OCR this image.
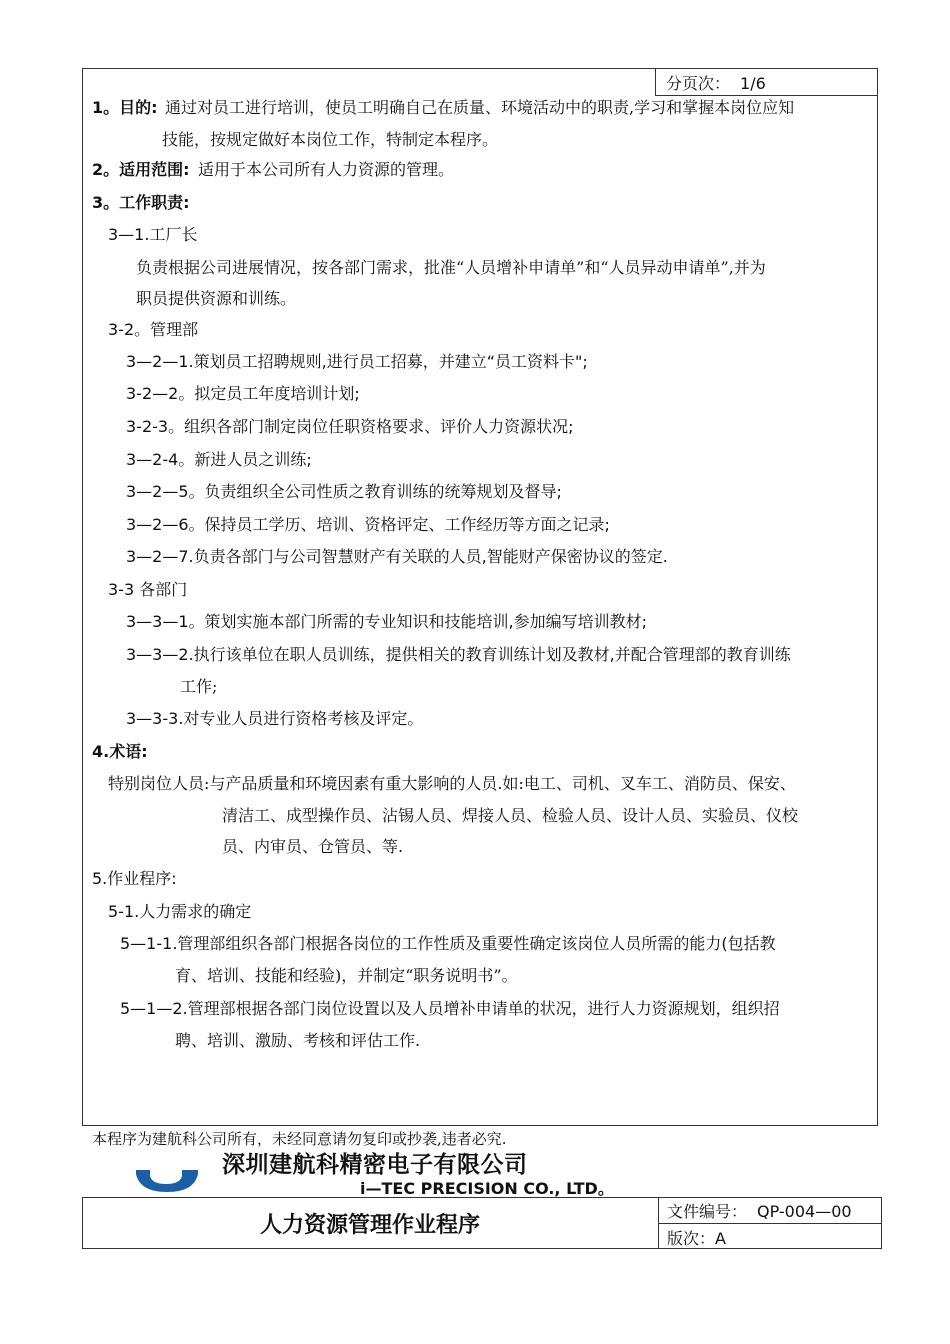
分页次： 1/6
1。目的: 通过对员工进行培训，使员工明确自己在质量、环境活动中的职责,学习和掌握本岗位应知
技能，按规定做好本岗位工作，特制定本程序。
2。适用范围: 适用于本公司所有人力资源的管理。
3。工作职责:
3—1.工厂长
负责根据公司进展情况，按各部门需求，批准“人员增补申请单”和“人员异动申请单”,并为
职员提供资源和训练。
3-2。管理部
3—2—1.策划员工招聘规则,进行员工招募，并建立“员工资料卡";
3-2—2。拟定员工年度培训计划;
3-2-3。组织各部门制定岗位任职资格要求、评价人力资源状况;
3—2-4。新进人员之训练;
3—2—5。负责组织全公司性质之教育训练的统筹规划及督导;
3—2—6。保持员工学历、培训、资格评定、工作经历等方面之记录;
3—2—7.负责各部门与公司智慧财产有关联的人员,智能财产保密协议的签定.
3-3 各部门
3—3—1。策划实施本部门所需的专业知识和技能培训,参加编写培训教材;
3—3—2.执行该单位在职人员训练，提供相关的教育训练计划及教材,并配合管理部的教育训练
工作;
3—3-3.对专业人员进行资格考核及评定。
4.术语:
特别岗位人员:与产品质量和环境因素有重大影响的人员.如:电工、司机、叉车工、消防员、保安、
清洁工、成型操作员、沾锡人员、焊接人员、检验人员、设计人员、实验员、仪校
员、内审员、仓管员、等.
5.作业程序:
5-1.人力需求的确定
5—1-1.管理部组织各部门根据各岗位的工作性质及重要性确定该岗位人员所需的能力(包括教
育、培训、技能和经验)，并制定“职务说明书”。
5—1—2.管理部根据各部门岗位设置以及人员增补申请单的状况，进行人力资源规划，组织招
聘、培训、激励、考核和评估工作.
本程序为建航科公司所有，未经同意请勿复印或抄袭,违者必究.
深圳建航科精密电子有限公司
i—TEC PRECISION CO., LTD。
人力资源管理作业程序
文件编号： QP-004—00
版次：A
